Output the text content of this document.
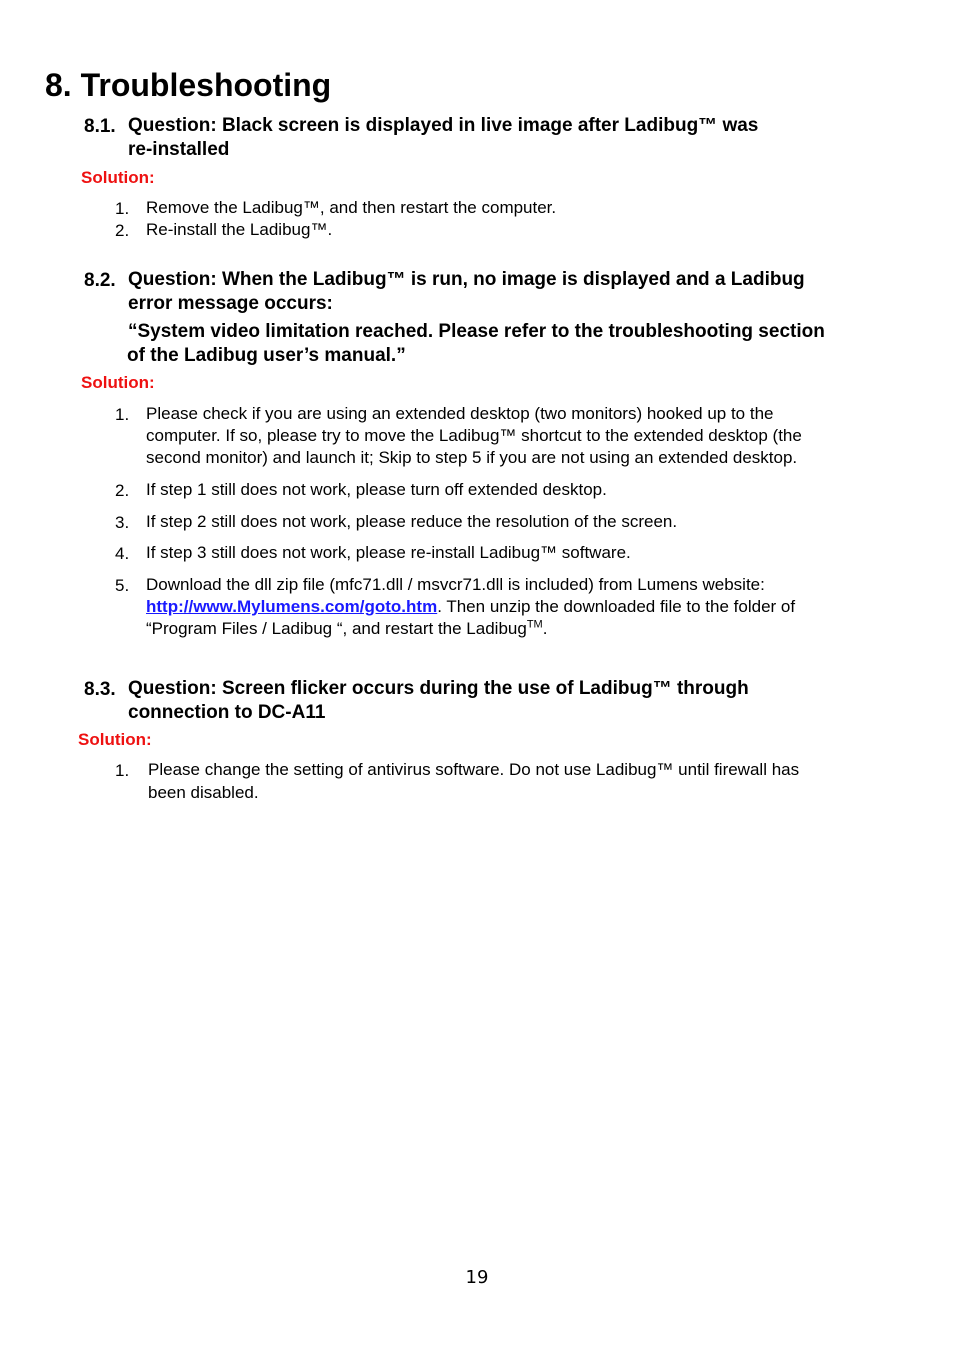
8. Troubleshooting
8.1. Question: Black screen is displayed in live image after Ladibug™ was
re-installed
Solution:
1. Remove the Ladibug™, and then restart the computer.
2. Re-install the Ladibug™.
8.2. Question: When the Ladibug™ is run, no image is displayed and a Ladibug
error message occurs:
“System video limitation reached. Please refer to the troubleshooting section
of the Ladibug user’s manual.”
Solution:
1. Please check if you are using an extended desktop (two monitors) hooked up to the
computer. If so, please try to move the Ladibug™ shortcut to the extended desktop (the
second monitor) and launch it; Skip to step 5 if you are not using an extended desktop.
2. If step 1 still does not work, please turn off extended desktop.
3. If step 2 still does not work, please reduce the resolution of the screen.
4. If step 3 still does not work, please re-install Ladibug™ software.
5. Download the dll zip file (mfc71.dll / msvcr71.dll is included) from Lumens website:
http://www.Mylumens.com/goto.htm. Then unzip the downloaded file to the folder of
“Program Files / Ladibug “, and restart the Ladibug™.
8.3. Question: Screen flicker occurs during the use of Ladibug™ through
connection to DC-A11
Solution:
1. Please change the setting of antivirus software. Do not use Ladibug™ until firewall has
been disabled.
19
